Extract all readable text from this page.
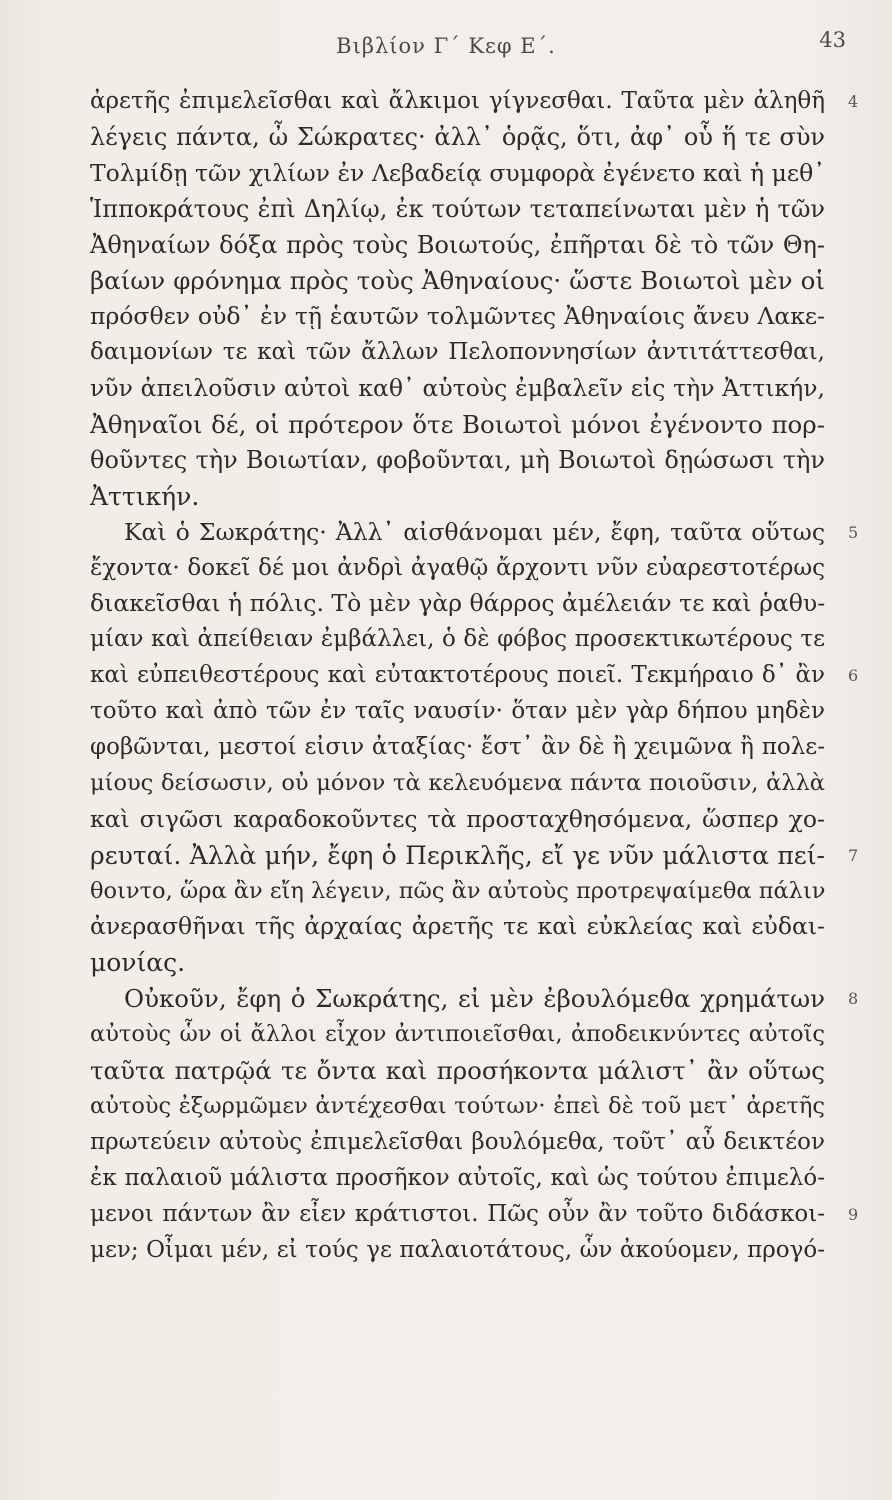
Βιβλίον Γ΄ Κεφ Ε΄.	43
ἀρετῆς ἐπιμελεῖσθαι καὶ ἄλκιμοι γίγνεσθαι. Ταῦτα μὲν ἀληθῆ 4
λέγεις πάντα, ὦ Σώκρατες· ἀλλ᾽ ὁρᾷς, ὅτι, ἀφ᾽ οὗ ἥ τε σὺν
Τολμίδῃ τῶν χιλίων ἐν Λεβαδείᾳ συμφορὰ ἐγένετο καὶ ἡ μεθ᾽
Ἱπποκράτους ἐπὶ Δηλίῳ, ἐκ τούτων τεταπείνωται μὲν ἡ τῶν
Ἀθηναίων δόξα πρὸς τοὺς Βοιωτούς, ἐπῆρται δὲ τὸ τῶν Θη-
βαίων φρόνημα πρὸς τοὺς Ἀθηναίους· ὥστε Βοιωτοὶ μὲν οἱ
πρόσθεν οὐδ᾽ ἐν τῇ ἑαυτῶν τολμῶντες Ἀθηναίοις ἄνευ Λακε-
δαιμονίων τε καὶ τῶν ἄλλων Πελοποννησίων ἀντιτάττεσθαι,
νῦν ἀπειλοῦσιν αὐτοὶ καθ᾽ αὑτοὺς ἐμβαλεῖν εἰς τὴν Ἀττικήν,
Ἀθηναῖοι δέ, οἱ πρότερον ὅτε Βοιωτοὶ μόνοι ἐγένοντο πορ-
θοῦντες τὴν Βοιωτίαν, φοβοῦνται, μὴ Βοιωτοὶ δῃώσωσι τὴν
Ἀττικήν.
Καὶ ὁ Σωκράτης· Ἀλλ᾽ αἰσθάνομαι μέν, ἔφη, ταῦτα οὕτως 5
ἔχοντα· δοκεῖ δέ μοι ἀνδρὶ ἀγαθῷ ἄρχοντι νῦν εὐαρεστοτέρως
διακεῖσθαι ἡ πόλις. Τὸ μὲν γὰρ θάρρος ἀμέλειάν τε καὶ ῥαθυ-
μίαν καὶ ἀπείθειαν ἐμβάλλει, ὁ δὲ φόβος προσεκτικωτέρους τε
καὶ εὐπειθεστέρους καὶ εὐτακτοτέρους ποιεῖ. Τεκμήραιο δ᾽ ἂν 6
τοῦτο καὶ ἀπὸ τῶν ἐν ταῖς ναυσίν· ὅταν μὲν γὰρ δήπου μηδὲν
φοβῶνται, μεστοί εἰσιν ἀταξίας· ἔστ᾽ ἂν δὲ ἢ χειμῶνα ἢ πολε-
μίους δείσωσιν, οὐ μόνον τὰ κελευόμενα πάντα ποιοῦσιν, ἀλλὰ
καὶ σιγῶσι καραδοκοῦντες τὰ προσταχθησόμενα, ὥσπερ χο-
ρευταί. Ἀλλὰ μήν, ἔφη ὁ Περικλῆς, εἴ γε νῦν μάλιστα πεί- 7
θοιντο, ὥρα ἂν εἴη λέγειν, πῶς ἂν αὐτοὺς προτρεψαίμεθα πάλιν
ἀνερασθῆναι τῆς ἀρχαίας ἀρετῆς τε καὶ εὐκλείας καὶ εὐδαι-
μονίας.
Οὐκοῦν, ἔφη ὁ Σωκράτης, εἰ μὲν ἐβουλόμεθα χρημάτων 8
αὐτοὺς ὧν οἱ ἄλλοι εἶχον ἀντιποιεῖσθαι, ἀποδεικνύντες αὐτοῖς
ταῦτα πατρῷά τε ὄντα καὶ προσήκοντα μάλιστ᾽ ἂν οὕτως
αὐτοὺς ἐξωρμῶμεν ἀντέχεσθαι τούτων· ἐπεὶ δὲ τοῦ μετ᾽ ἀρετῆς
πρωτεύειν αὐτοὺς ἐπιμελεῖσθαι βουλόμεθα, τοῦτ᾽ αὖ δεικτέον
ἐκ παλαιοῦ μάλιστα προσῆκον αὐτοῖς, καὶ ὡς τούτου ἐπιμελό-
μενοι πάντων ἂν εἶεν κράτιστοι. Πῶς οὖν ἂν τοῦτο διδάσκοι- 9
μεν; Οἶμαι μέν, εἰ τούς γε παλαιοτάτους, ὧν ἀκούομεν, προγό-
